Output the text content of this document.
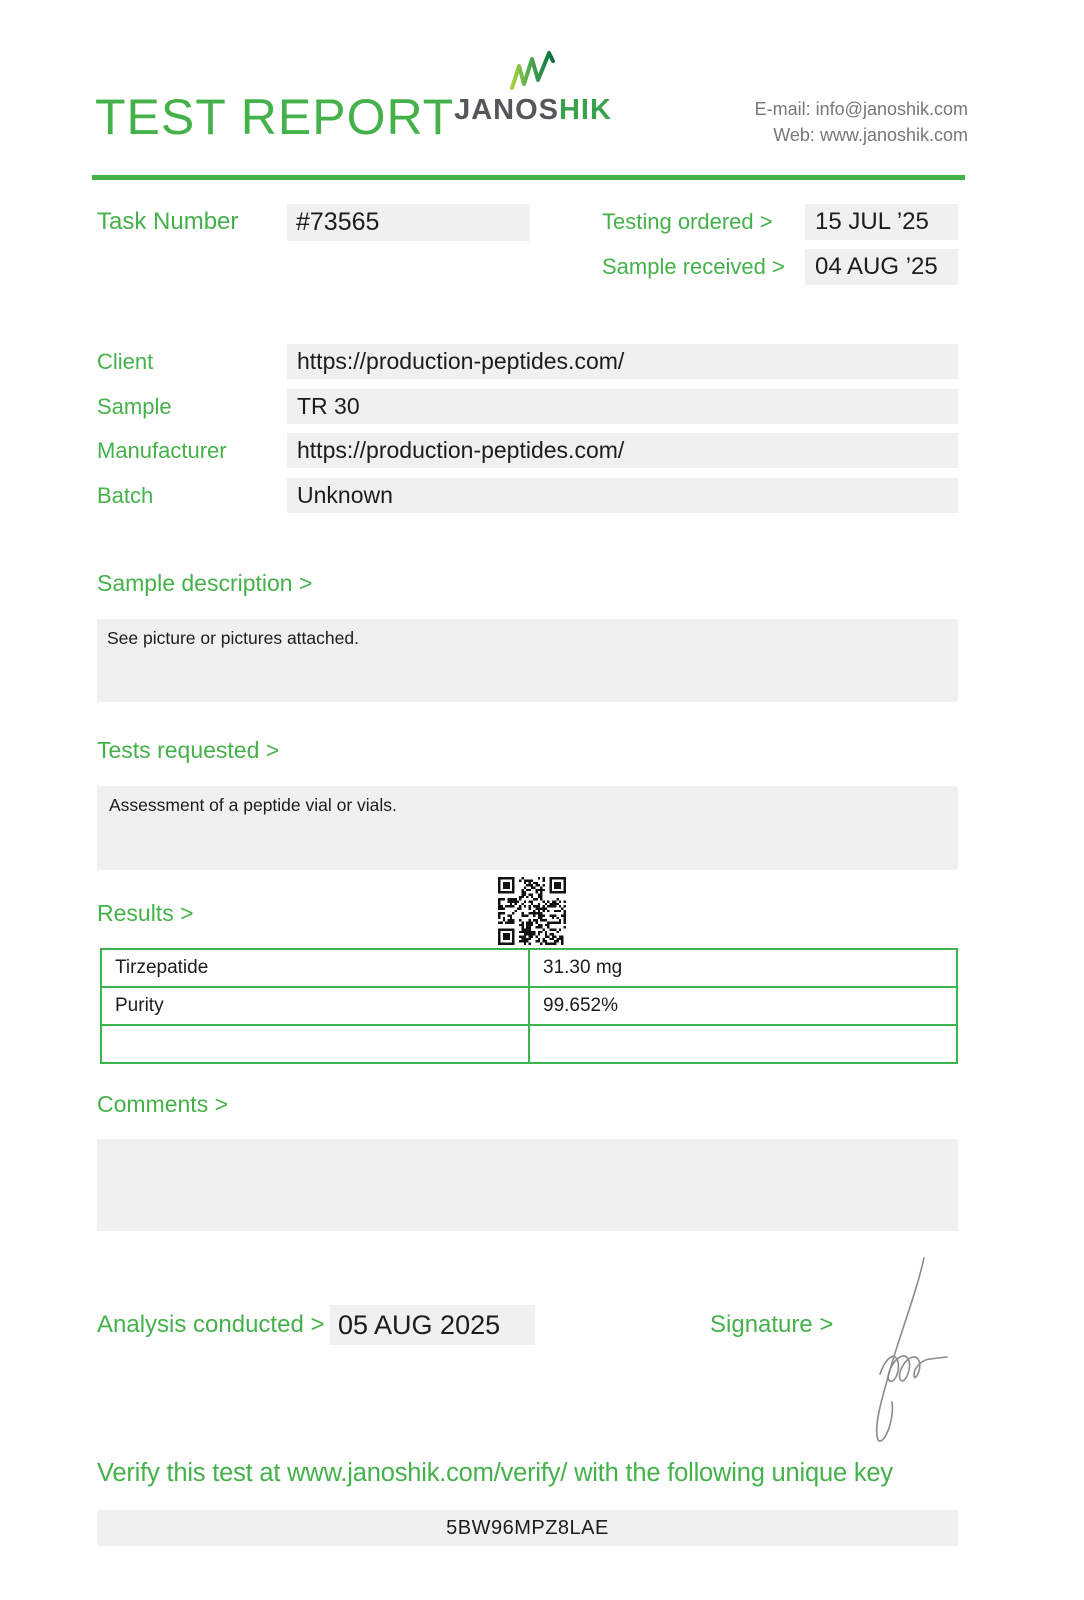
TEST REPORT JANOSHIK	E-mail: info@janoshik.com
Web: www.janoshik.com
Task Number	#73565	Testing ordered >	15 JUL ’25
Sample received >	04 AUG ’25
Client	https://production-peptides.com/
Sample	TR 30
Manufacturer	https://production-peptides.com/
Batch	Unknown
Sample description >
See picture or pictures attached.
Tests requested >
Assessment of a peptide vial or vials.
Results >
Tirzepatide	31.30 mg
Purity	99.652%

Comments >
Analysis conducted > 05 AUG 2025	Signature >
Verify this test at www.janoshik.com/verify/ with the following unique key
5BW96MPZ8LAE
